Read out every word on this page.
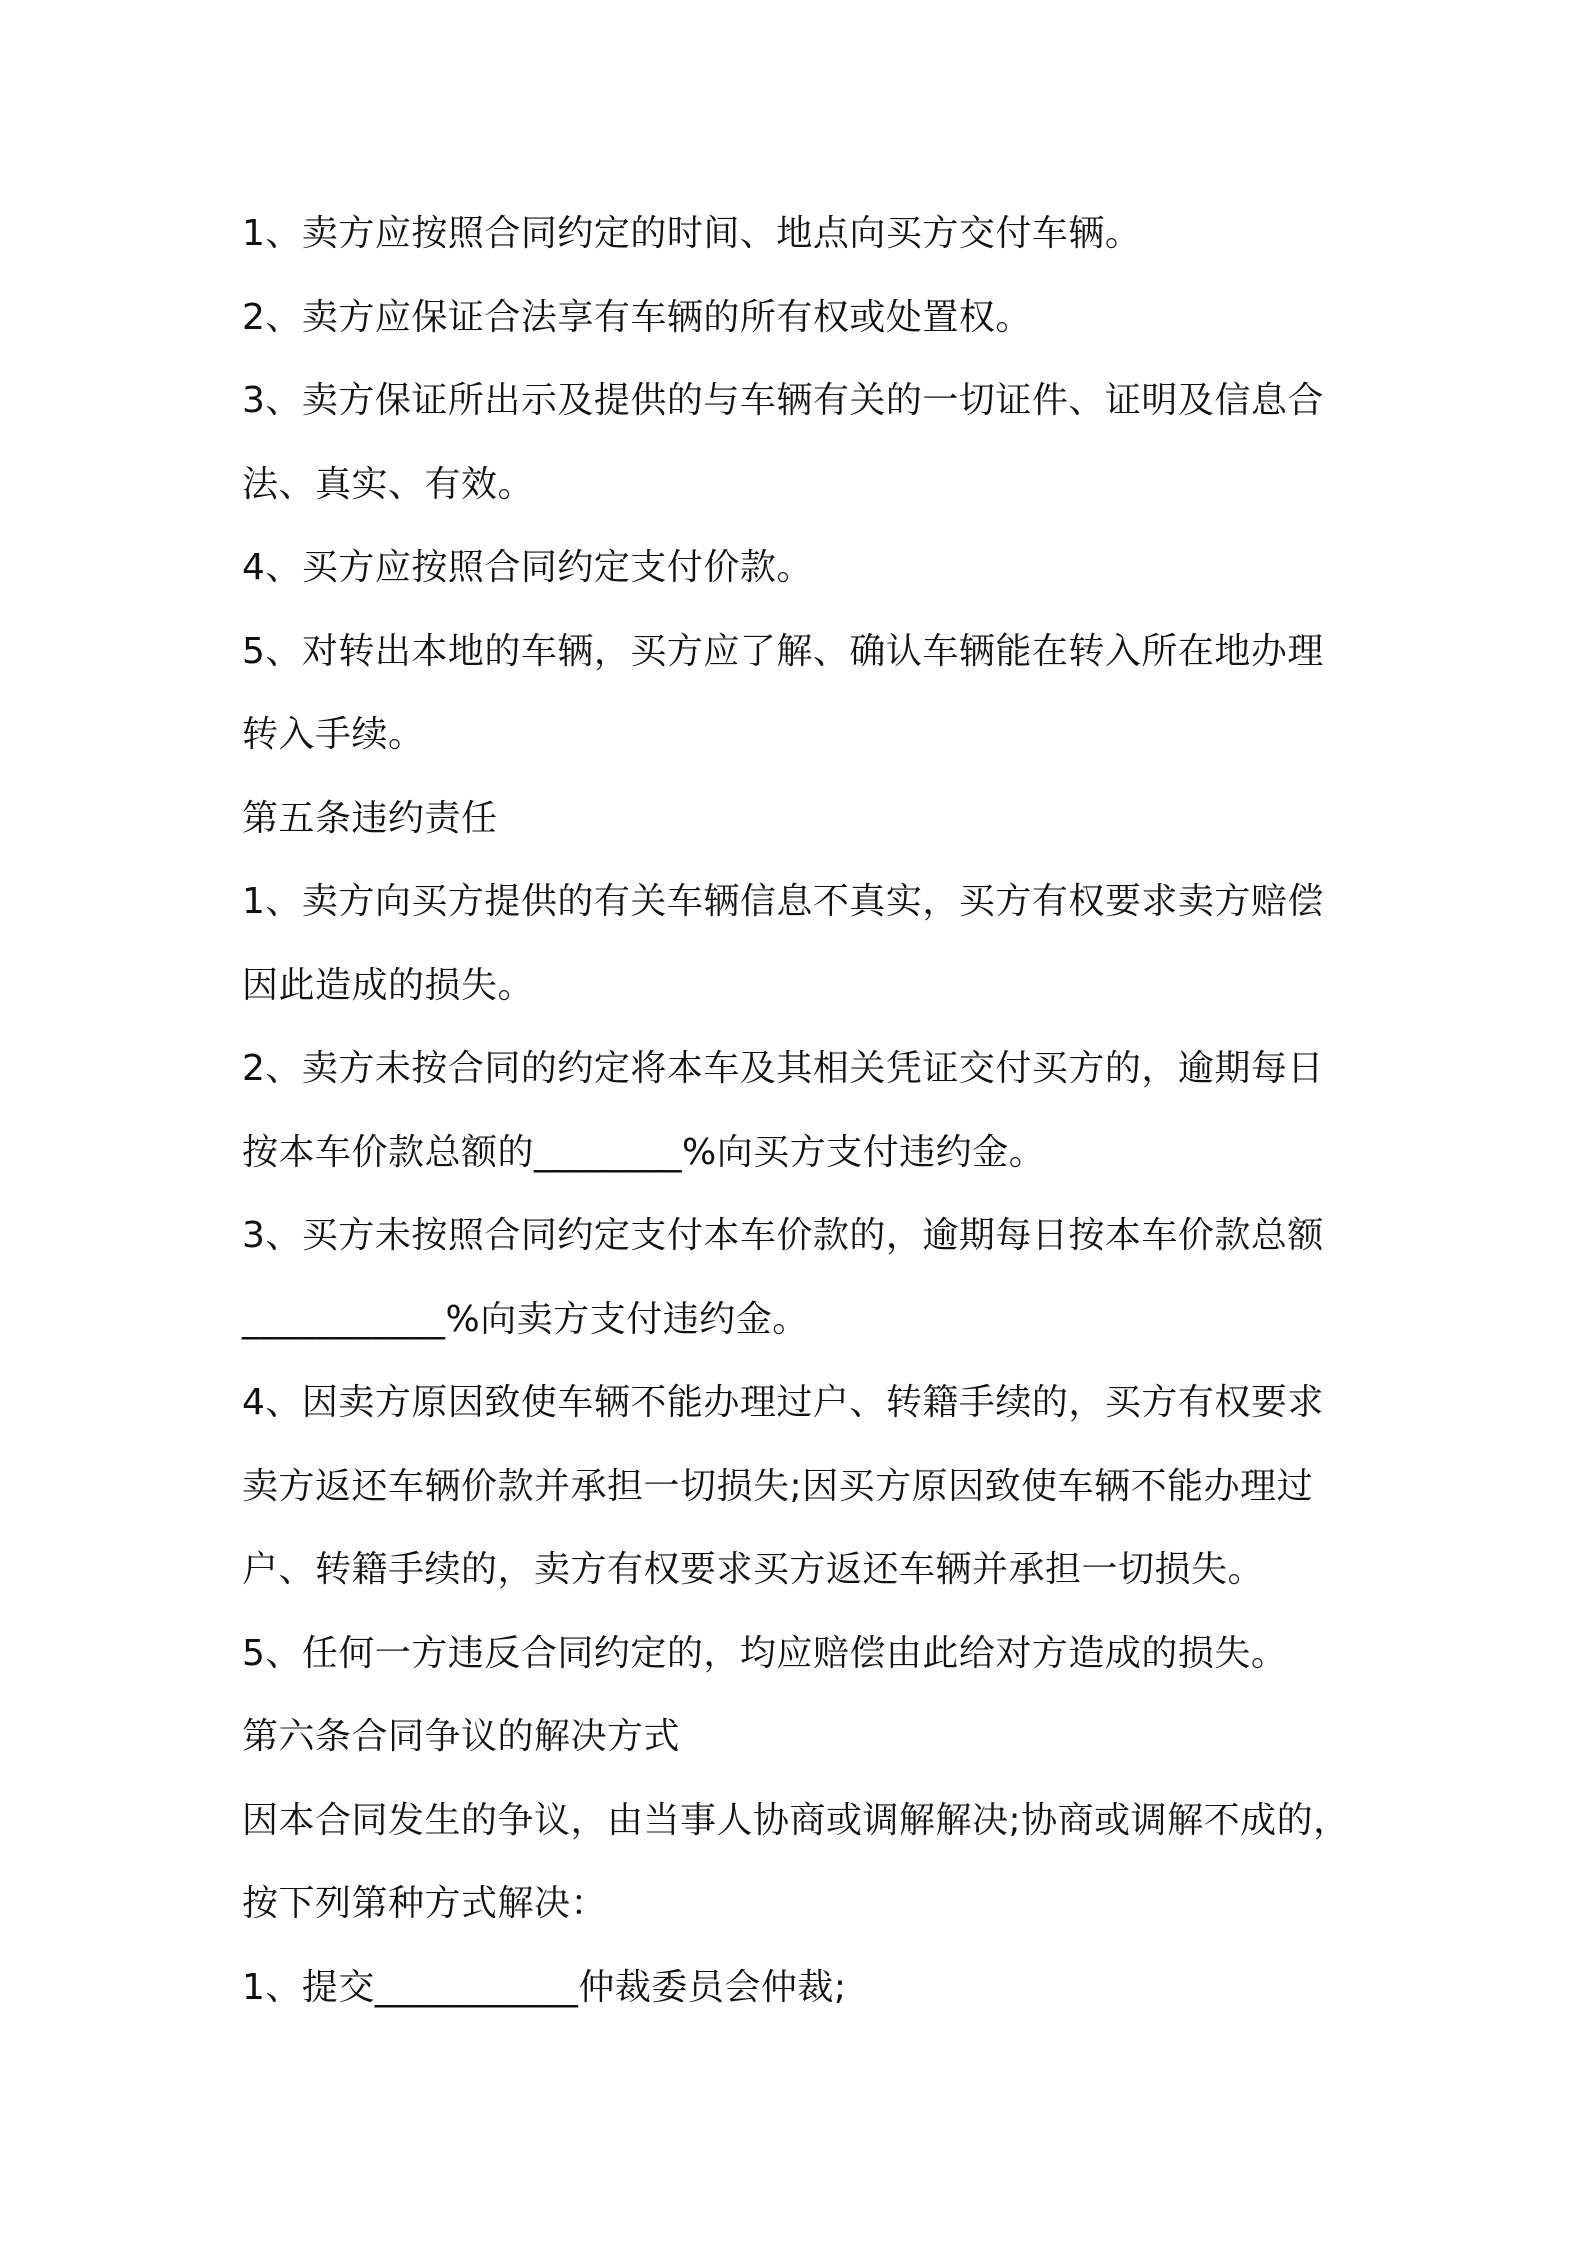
1、卖方应按照合同约定的时间、地点向买方交付车辆。
2、卖方应保证合法享有车辆的所有权或处置权。
3、卖方保证所出示及提供的与车辆有关的一切证件、证明及信息合
法、真实、有效。
4、买方应按照合同约定支付价款。
5、对转出本地的车辆，买方应了解、确认车辆能在转入所在地办理
转入手续。
第五条违约责任
1、卖方向买方提供的有关车辆信息不真实，买方有权要求卖方赔偿
因此造成的损失。
2、卖方未按合同的约定将本车及其相关凭证交付买方的，逾期每日
按本车价款总额的________%向买方支付违约金。
3、买方未按照合同约定支付本车价款的，逾期每日按本车价款总额
___________%向卖方支付违约金。
4、因卖方原因致使车辆不能办理过户、转籍手续的，买方有权要求
卖方返还车辆价款并承担一切损失;因买方原因致使车辆不能办理过
户、转籍手续的，卖方有权要求买方返还车辆并承担一切损失。
5、任何一方违反合同约定的，均应赔偿由此给对方造成的损失。
第六条合同争议的解决方式
因本合同发生的争议，由当事人协商或调解解决;协商或调解不成的，
按下列第种方式解决：
1、提交___________仲裁委员会仲裁;
